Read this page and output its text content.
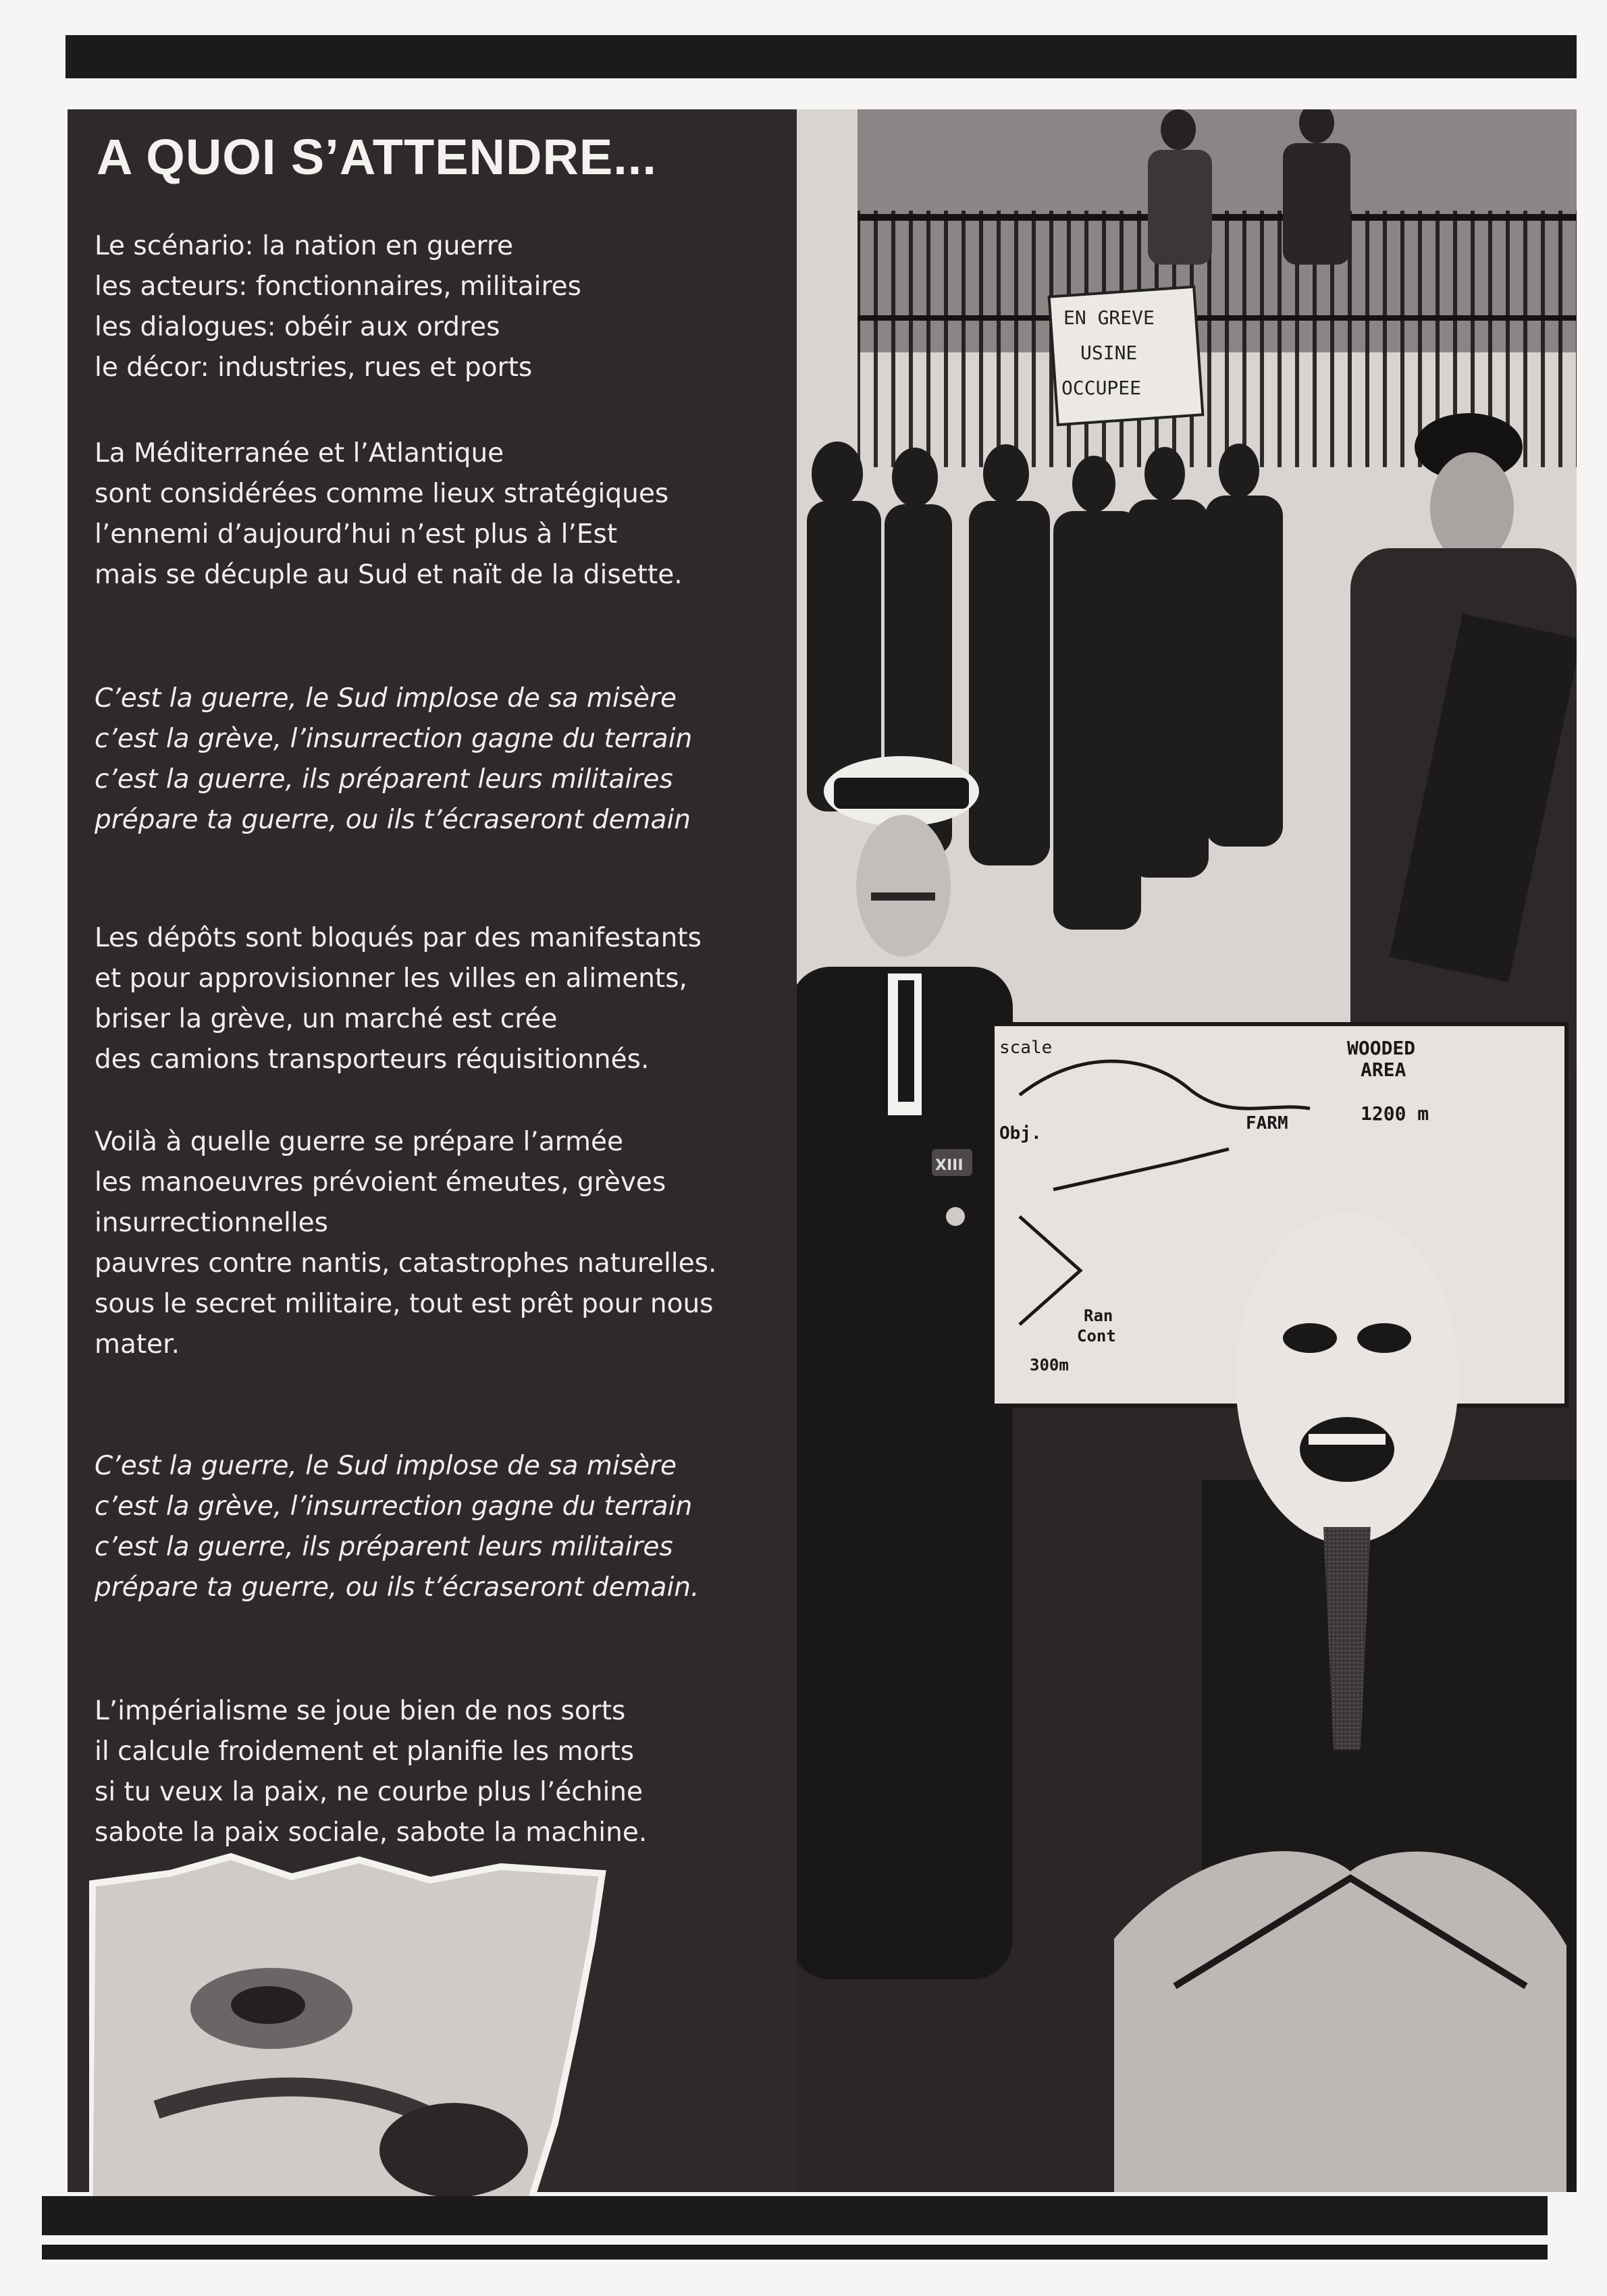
EN GREVE
USINE
OCCUPEE
XIII
scale	WOODED
AREA
1200 m
FARM
Obj.
Ran
Cont
300m
A QUOI S’ATTENDRE...
Le scénario: la nation en guerre
les acteurs: fonctionnaires, militaires
les dialogues: obéir aux ordres
le décor: industries, rues et ports
La Méditerranée et l’Atlantique
sont considérées comme lieux stratégiques
l’ennemi d’aujourd’hui n’est plus à l’Est
mais se décuple au Sud et naït de la disette.
C’est la guerre, le Sud implose de sa misère
c’est la grève, l’insurrection gagne du terrain
c’est la guerre, ils préparent leurs militaires
prépare ta guerre, ou ils t’écraseront demain
Les dépôts sont bloqués par des manifestants
et pour approvisionner les villes en aliments,
briser la grève, un marché est crée
des camions transporteurs réquisitionnés.
Voilà à quelle guerre se prépare l’armée
les manoeuvres prévoient émeutes, grèves
insurrectionnelles
pauvres contre nantis, catastrophes naturelles.
sous le secret militaire, tout est prêt pour nous
mater.
C’est la guerre, le Sud implose de sa misère
c’est la grève, l’insurrection gagne du terrain
c’est la guerre, ils préparent leurs militaires
prépare ta guerre, ou ils t’écraseront demain.
L’impérialisme se joue bien de nos sorts
il calcule froidement et planifie les morts
si tu veux la paix, ne courbe plus l’échine
sabote la paix sociale, sabote la machine.
